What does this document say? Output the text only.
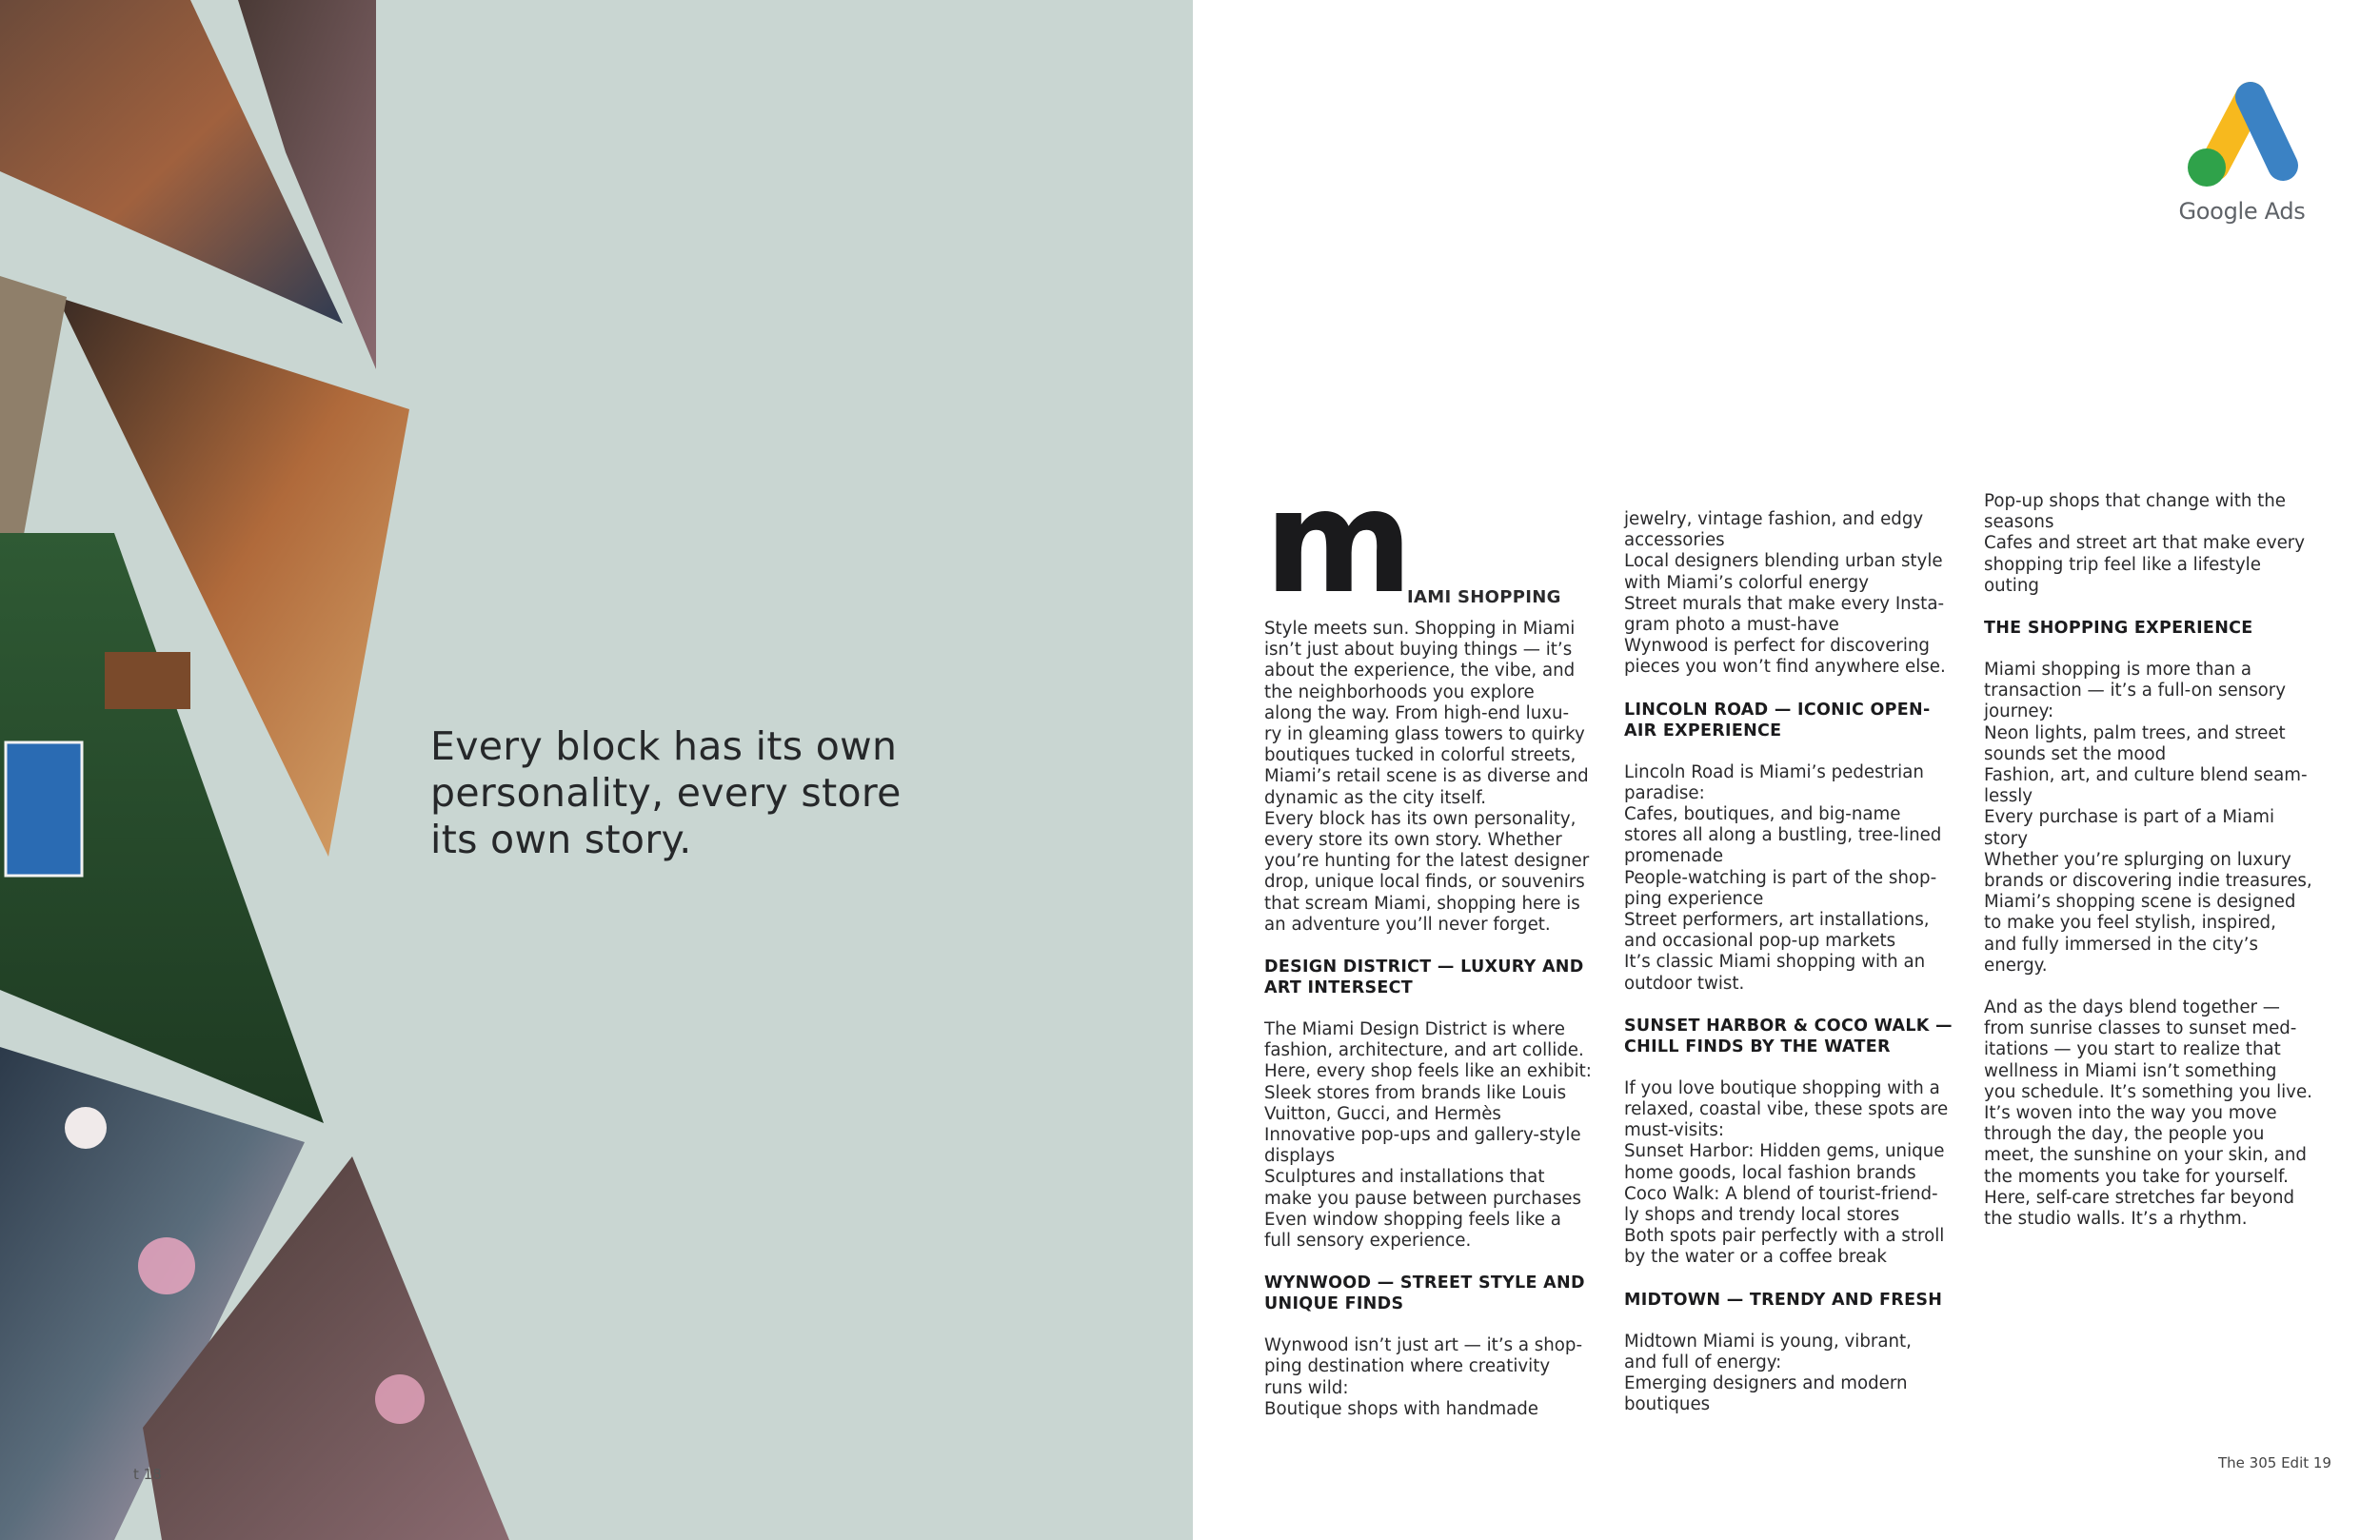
Every block has its own
personality, every store
its own story.
t 18
Google Ads
m
IAMI SHOPPING
Style meets sun. Shopping in Miami
isn’t just about buying things — it’s
about the experience, the vibe, and
the neighborhoods you explore
along the way. From high-end luxu-
ry in gleaming glass towers to quirky
boutiques tucked in colorful streets,
Miami’s retail scene is as diverse and
dynamic as the city itself.
Every block has its own personality,
every store its own story. Whether
you’re hunting for the latest designer
drop, unique local finds, or souvenirs
that scream Miami, shopping here is
an adventure you’ll never forget.
DESIGN DISTRICT — LUXURY AND ART INTERSECT
The Miami Design District is where
fashion, architecture, and art collide.
Here, every shop feels like an exhibit:
Sleek stores from brands like Louis
Vuitton, Gucci, and Hermès
Innovative pop-ups and gallery-style
displays
Sculptures and installations that
make you pause between purchases
Even window shopping feels like a
full sensory experience.
WYNWOOD — STREET STYLE AND UNIQUE FINDS
Wynwood isn’t just art — it’s a shop-
ping destination where creativity
runs wild:
Boutique shops with handmade
jewelry, vintage fashion, and edgy
accessories
Local designers blending urban style
with Miami’s colorful energy
Street murals that make every Insta-
gram photo a must-have
Wynwood is perfect for discovering
pieces you won’t find anywhere else.
LINCOLN ROAD — ICONIC OPEN-AIR EXPERIENCE
Lincoln Road is Miami’s pedestrian
paradise:
Cafes, boutiques, and big-name
stores all along a bustling, tree-lined
promenade
People-watching is part of the shop-
ping experience
Street performers, art installations,
and occasional pop-up markets
It’s classic Miami shopping with an
outdoor twist.
SUNSET HARBOR & COCO WALK — CHILL FINDS BY THE WATER
If you love boutique shopping with a
relaxed, coastal vibe, these spots are
must-visits:
Sunset Harbor: Hidden gems, unique
home goods, local fashion brands
Coco Walk: A blend of tourist-friend-
ly shops and trendy local stores
Both spots pair perfectly with a stroll
by the water or a coffee break
MIDTOWN — TRENDY AND FRESH
Midtown Miami is young, vibrant,
and full of energy:
Emerging designers and modern
boutiques
Pop-up shops that change with the
seasons
Cafes and street art that make every
shopping trip feel like a lifestyle
outing
THE SHOPPING EXPERIENCE
Miami shopping is more than a
transaction — it’s a full-on sensory
journey:
Neon lights, palm trees, and street
sounds set the mood
Fashion, art, and culture blend seam-
lessly
Every purchase is part of a Miami
story
Whether you’re splurging on luxury
brands or discovering indie treasures,
Miami’s shopping scene is designed
to make you feel stylish, inspired,
and fully immersed in the city’s
energy.
And as the days blend together —
from sunrise classes to sunset med-
itations — you start to realize that
wellness in Miami isn’t something
you schedule. It’s something you live.
It’s woven into the way you move
through the day, the people you
meet, the sunshine on your skin, and
the moments you take for yourself.
Here, self-care stretches far beyond
the studio walls. It’s a rhythm.
The 305 Edit 19
